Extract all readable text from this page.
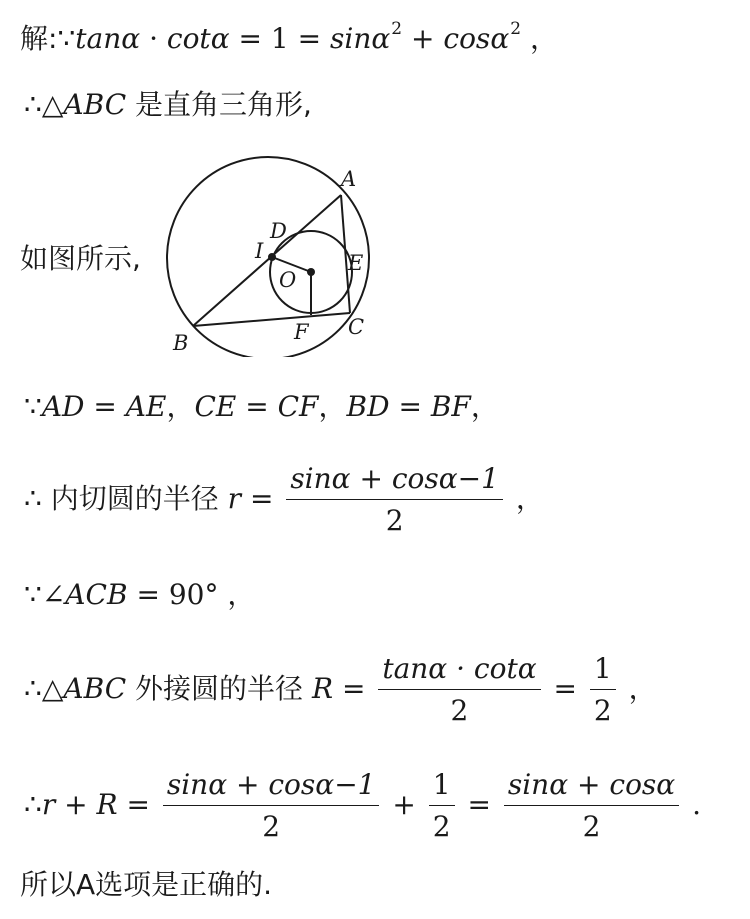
解:∵tanα · cotα = 1 = sinα$^2$ + cosα$^2$ ，
∴△ABC 是直角三角形,
如图所示,
A
B
C
D
E
F
O
I
∵AD = AE，CE = CF，BD = BF，
∴ 内切圆的半径 $r = \frac{\sin\alpha + \cos\alpha-1}{2}$ ，
∵∠ACB = 90° ，
∴△ABC 外接圆的半径 $R = \frac{\tan\alpha \cdot \cot\alpha}{2} = \frac{1}{2}$ ，
∴r + $R = \frac{\sin\alpha + \cos\alpha-1}{2} + \frac{1}{2} = \frac{\sin\alpha + \cos\alpha}{2}$ .
所以A选项是正确的.
